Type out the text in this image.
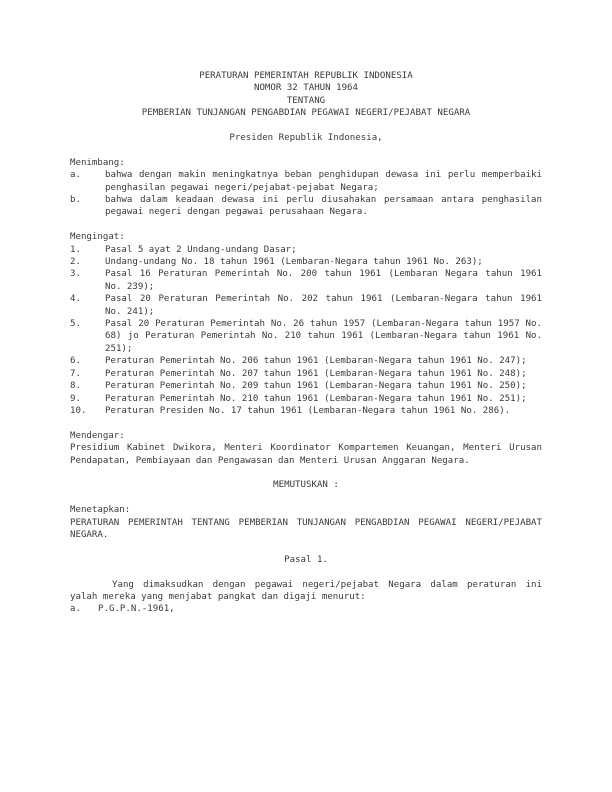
PERATURAN PEMERINTAH REPUBLIK INDONESIA
NOMOR 32 TAHUN 1964
TENTANG
PEMBERIAN TUNJANGAN PENGABDIAN PEGAWAI NEGERI/PEJABAT NEGARA
Presiden Republik Indonesia,
Menimbang:
a.	bahwa dengan makin meningkatnya beban penghidupan dewasa ini perlu memperbaiki penghasilan pegawai negeri/pejabat-pejabat Negara;
b.	bahwa dalam keadaan dewasa ini perlu diusahakan persamaan antara penghasilan pegawai negeri dengan pegawai perusahaan Negara.
Mengingat:
1.	Pasal 5 ayat 2 Undang-undang Dasar;
2.	Undang-undang No. 18 tahun 1961 (Lembaran-Negara tahun 1961 No. 263);
3.	Pasal 16 Peraturan Pemerintah No. 200 tahun 1961 (Lembaran Negara tahun 1961 No. 239);
4.	Pasal 20 Peraturan Pemerintah No. 202 tahun 1961 (Lembaran-Negara tahun 1961 No. 241);
5.	Pasal 20 Peraturan Pemerintah No. 26 tahun 1957 (Lembaran-Negara tahun 1957 No. 68) jo Peraturan Pemerintah No. 210 tahun 1961 (Lembaran-Negara tahun 1961 No. 251);
6.	Peraturan Pemerintah No. 206 tahun 1961 (Lembaran-Negara tahun 1961 No. 247);
7.	Peraturan Pemerintah No. 207 tahun 1961 (Lembaran-Negara tahun 1961 No. 248);
8.	Peraturan Pemerintah No. 209 tahun 1961 (Lembaran-Negara tahun 1961 No. 250);
9.	Peraturan Pemerintah No. 210 tahun 1961 (Lembaran-Negara tahun 1961 No. 251);
10.	Peraturan Presiden No. 17 tahun 1961 (Lembaran-Negara tahun 1961 No. 286).
Mendengar:
Presidium Kabinet Dwikora, Menteri Koordinator Kompartemen Keuangan, Menteri Urusan Pendapatan, Pembiayaan dan Pengawasan dan Menteri Urusan Anggaran Negara.
MEMUTUSKAN :
Menetapkan:
PERATURAN PEMERINTAH TENTANG PEMBERIAN TUNJANGAN PENGABDIAN PEGAWAI NEGERI/PEJABAT NEGARA.
Pasal 1.
Yang dimaksudkan dengan pegawai negeri/pejabat Negara dalam peraturan ini yalah mereka yang menjabat pangkat dan digaji menurut:
a.	P.G.P.N.-1961,
